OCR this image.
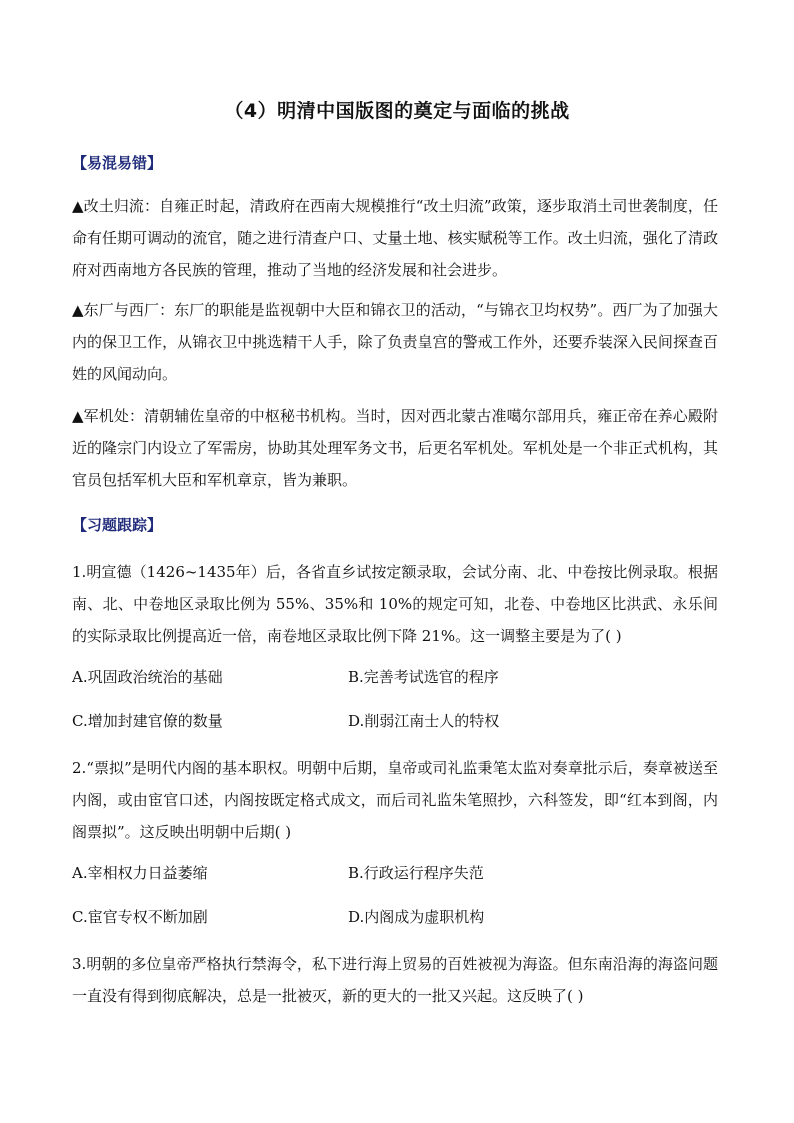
（4）明清中国版图的奠定与面临的挑战
【易混易错】
▲改土归流：自雍正时起，清政府在西南大规模推行“改土归流”政策，逐步取消土司世袭制度，任命有任期可调动的流官，随之进行清查户口、丈量土地、核实赋税等工作。改土归流，强化了清政府对西南地方各民族的管理，推动了当地的经济发展和社会进步。
▲东厂与西厂：东厂的职能是监视朝中大臣和锦衣卫的活动，“与锦衣卫均权势”。西厂为了加强大内的保卫工作，从锦衣卫中挑选精干人手，除了负责皇宫的警戒工作外，还要乔装深入民间探查百姓的风闻动向。
▲军机处：清朝辅佐皇帝的中枢秘书机构。当时，因对西北蒙古准噶尔部用兵，雍正帝在养心殿附近的隆宗门内设立了军需房，协助其处理军务文书，后更名军机处。军机处是一个非正式机构，其官员包括军机大臣和军机章京，皆为兼职。
【习题跟踪】
1.明宣德（1426~1435年）后，各省直乡试按定额录取，会试分南、北、中卷按比例录取。根据南、北、中卷地区录取比例为 55%、35%和 10%的规定可知，北卷、中卷地区比洪武、永乐间的实际录取比例提高近一倍，南卷地区录取比例下降 21%。这一调整主要是为了( )
A.巩固政治统治的基础	B.完善考试选官的程序
C.增加封建官僚的数量	D.削弱江南士人的特权
2.“票拟”是明代内阁的基本职权。明朝中后期，皇帝或司礼监秉笔太监对奏章批示后，奏章被送至内阁，或由宦官口述，内阁按既定格式成文，而后司礼监朱笔照抄，六科签发，即“红本到阁，内阁票拟”。这反映出明朝中后期( )
A.宰相权力日益萎缩	B.行政运行程序失范
C.宦官专权不断加剧	D.内阁成为虚职机构
3.明朝的多位皇帝严格执行禁海令，私下进行海上贸易的百姓被视为海盗。但东南沿海的海盗问题一直没有得到彻底解决，总是一批被灭，新的更大的一批又兴起。这反映了( )
